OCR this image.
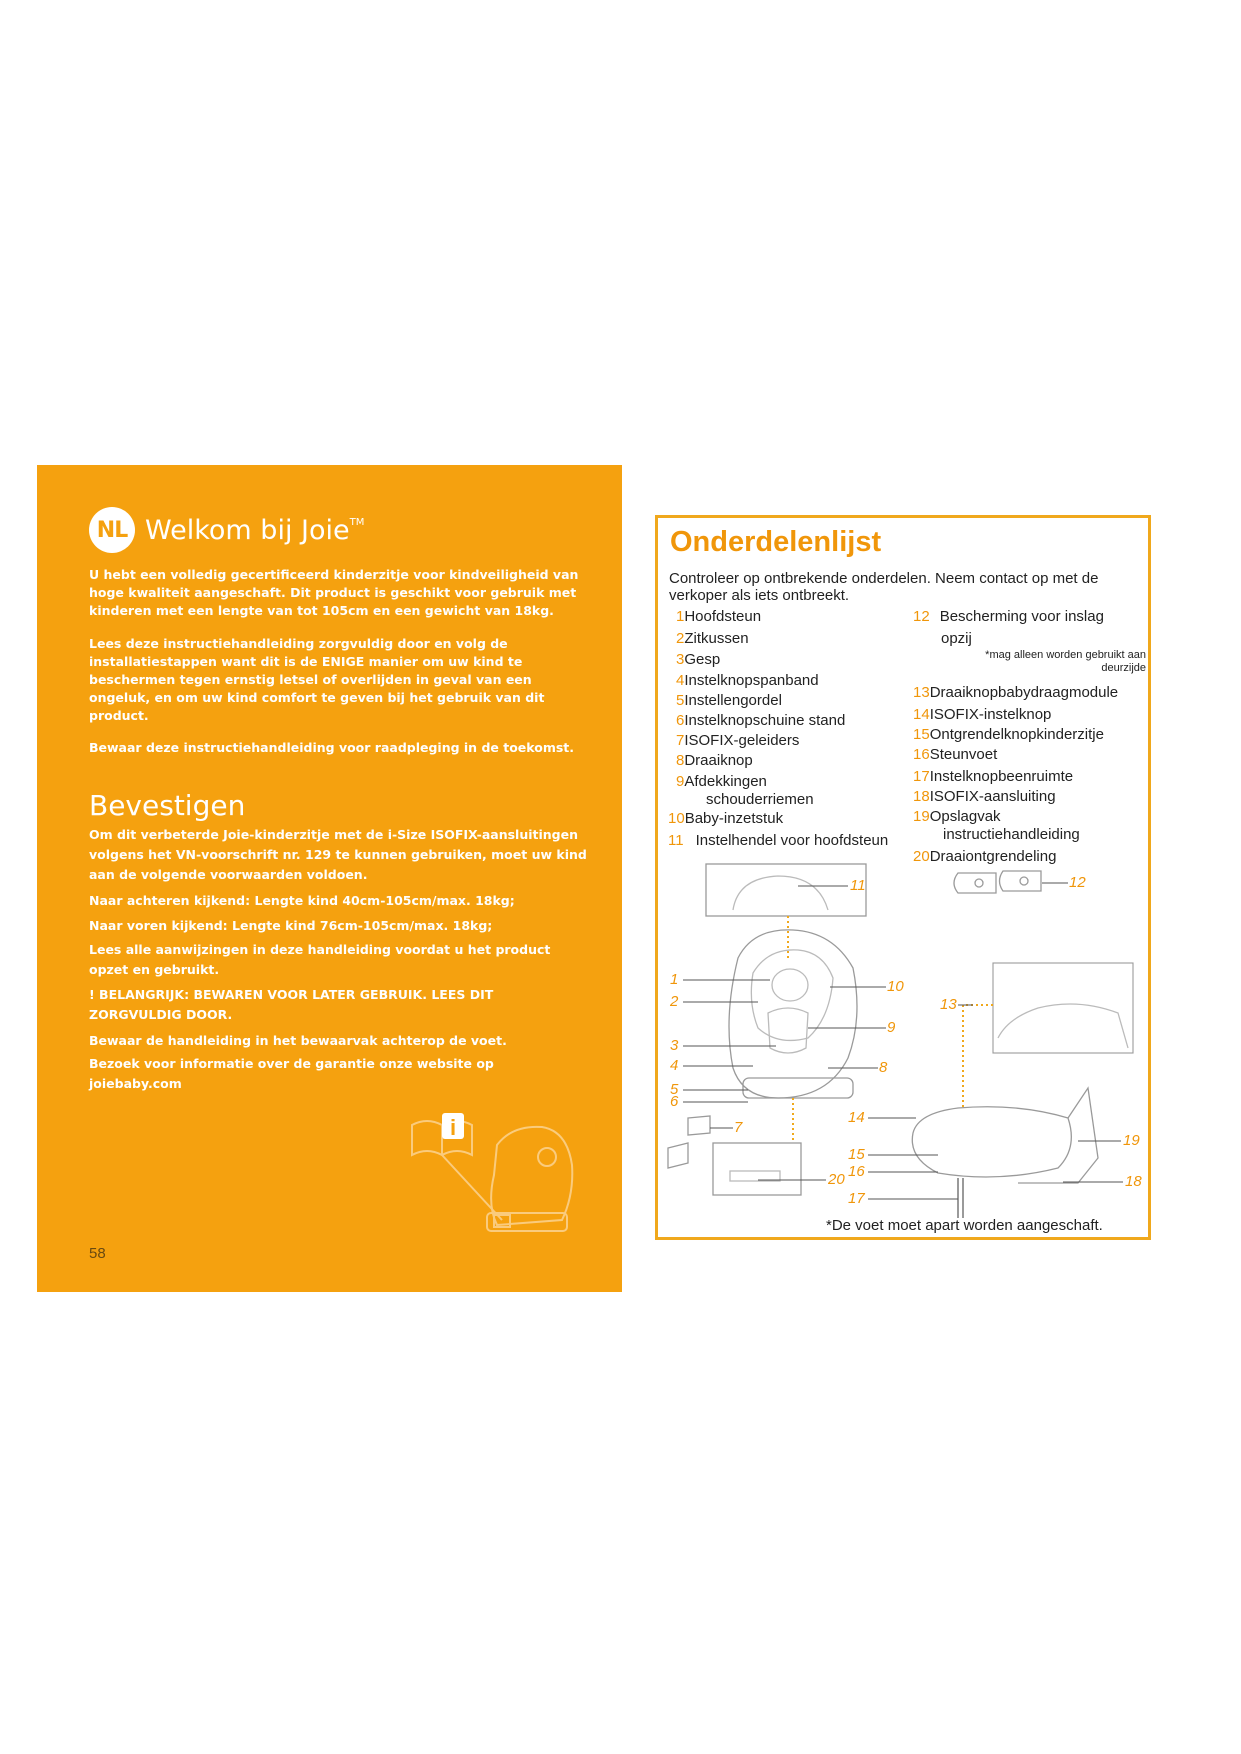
NL Welkom bij Joie™

U hebt een volledig gecertificeerd kinderzitje voor kindveiligheid van hoge kwaliteit aangeschaft. Dit product is geschikt voor gebruik met kinderen met een lengte van tot 105cm en een gewicht van 18kg.

Lees deze instructiehandleiding zorgvuldig door en volg de installatiestappen want dit is de ENIGE manier om uw kind te beschermen tegen ernstig letsel of overlijden in geval van een ongeluk, en om uw kind comfort te geven bij het gebruik van dit product.

Bewaar deze instructiehandleiding voor raadpleging in de toekomst.

Bevestigen

Om dit verbeterde Joie-kinderzitje met de i-Size ISOFIX-aansluitingen volgens het VN-voorschrift nr. 129 te kunnen gebruiken, moet uw kind aan de volgende voorwaarden voldoen.

Naar achteren kijkend: Lengte kind 40cm-105cm/max. 18kg;

Naar voren kijkend: Lengte kind 76cm-105cm/max. 18kg;

Lees alle aanwijzingen in deze handleiding voordat u het product opzet en gebruikt.

! BELANGRIJK: BEWAREN VOOR LATER GEBRUIK. LEES DIT ZORGVULDIG DOOR.

Bewaar de handleiding in het bewaarvak achterop de voet.

Bezoek voor informatie over de garantie onze website op joiebaby.com

i
58
Onderdelenlijst

Controleer op ontbrekende onderdelen. Neem contact op met de verkoper als iets ontbreekt.

1Hoofdsteun
2Zitkussen
3Gesp
4Instelknopspanband
5Instellengordel
6Instelknopschuine stand
7ISOFIX-geleiders
8Draaiknop
9Afdekkingen
schouderriemen
10Baby-inzetstuk
11 Instelhendel voor hoofdsteun
12 Bescherming voor inslag
opzij
13Draaiknopbabydraagmodule
14ISOFIX-instelknop
15Ontgrendelknopkinderzitje
16Steunvoet
17Instelknopbeenruimte
18ISOFIX-aansluiting
19Opslagvak
instructiehandleiding
20Draaiontgrendeling
*mag alleen worden gebruikt aan deurzijde
1
2
3
4
5
6
7
8
9
10
11	12
13
14
15
16
17
18
19
20
*De voet moet apart worden aangeschaft.
